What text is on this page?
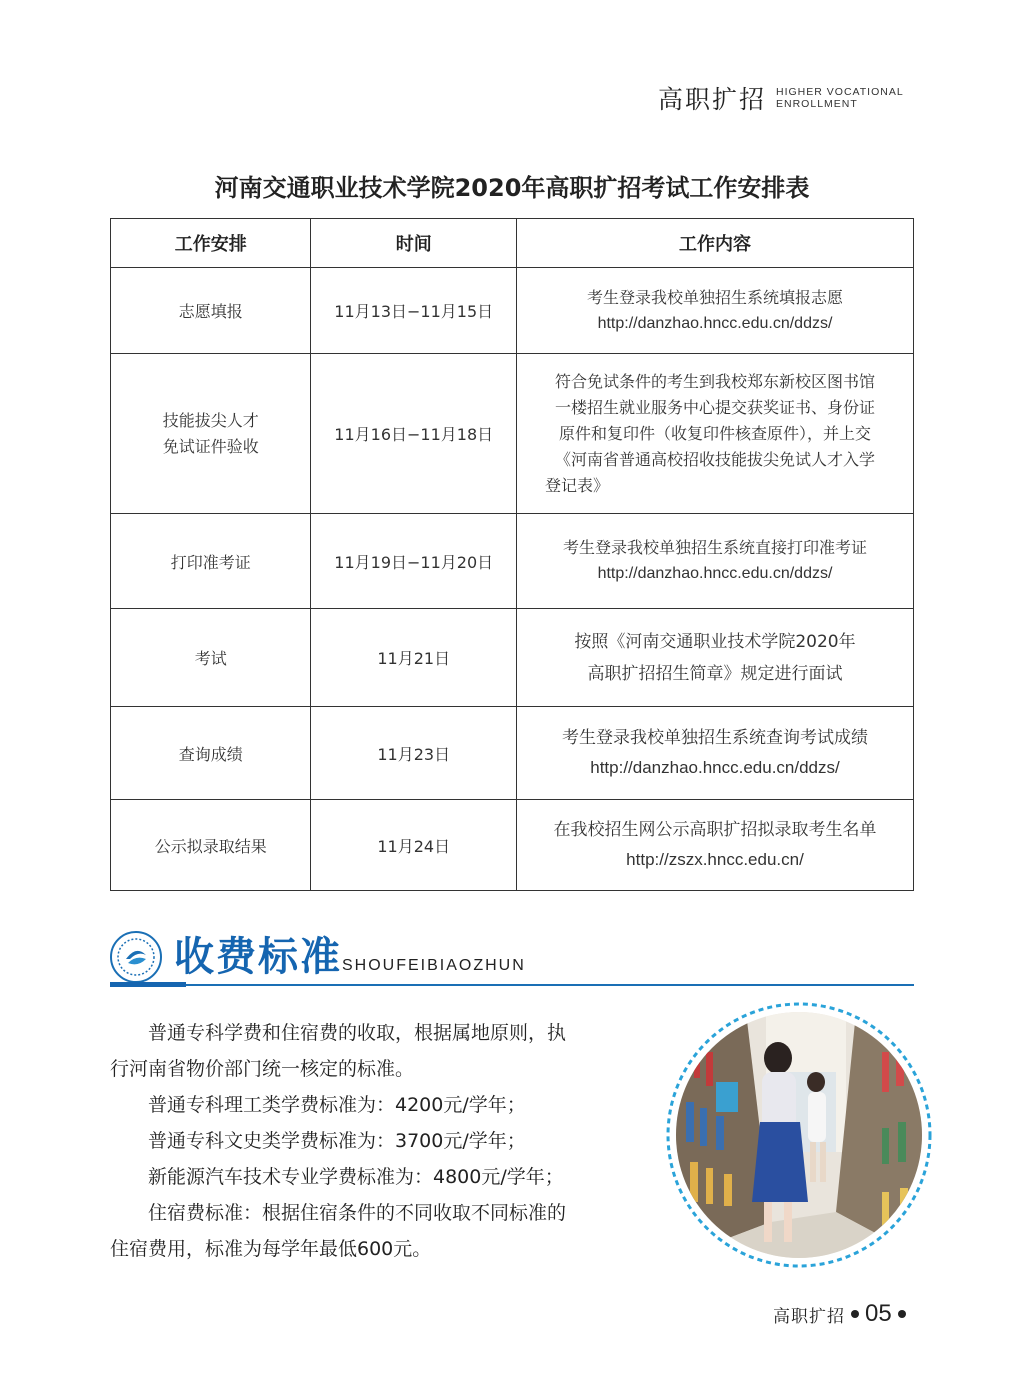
高职扩招 HIGHER VOCATIONAL
ENROLLMENT
河南交通职业技术学院2020年高职扩招考试工作安排表
工作安排	时间	工作内容
志愿填报	11月13日−11月15日	考生登录我校单独招生系统填报志愿
http://danzhao.hncc.edu.cn/ddzs/

技能拔尖人才
免试证件验收	11月16日−11月18日	符合免试条件的考生到我校郑东新校区图书馆
一楼招生就业服务中心提交获奖证书、身份证
原件和复印件（收复印件核查原件），并上交
《河南省普通高校招收技能拔尖免试人才入学
登记表》

打印准考证	11月19日−11月20日	考生登录我校单独招生系统直接打印准考证
http://danzhao.hncc.edu.cn/ddzs/

考试	11月21日	按照《河南交通职业技术学院2020年
高职扩招招生简章》规定进行面试

查询成绩	11月23日	考生登录我校单独招生系统查询考试成绩
http://danzhao.hncc.edu.cn/ddzs/

公示拟录取结果	11月24日	在我校招生网公示高职扩招拟录取考生名单
http://zszx.hncc.edu.cn/
收费标准 SHOUFEIBIAOZHUN

普通专科学费和住宿费的收取，根据属地原则，执

行河南省物价部门统一核定的标准。

普通专科理工类学费标准为：4200元/学年；

普通专科文史类学费标准为：3700元/学年；

新能源汽车技术专业学费标准为：4800元/学年；

住宿费标准：根据住宿条件的不同收取不同标准的

住宿费用，标准为每学年最低600元。

高职扩招 05
